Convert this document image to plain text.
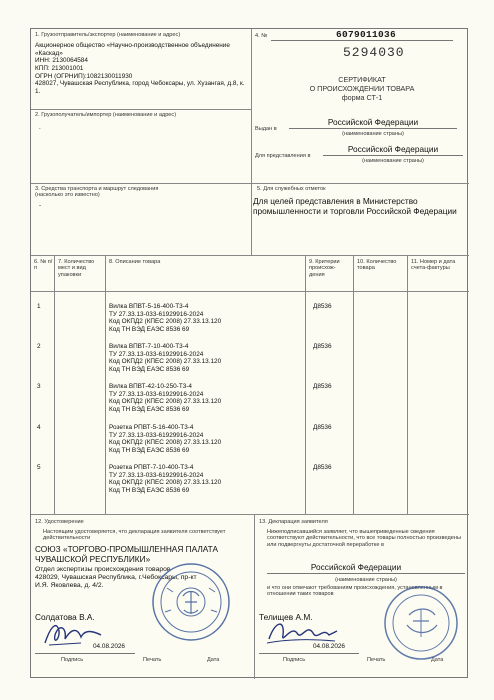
1. Грузоотправитель/экспортер (наименование и адрес)
Акционерное общество «Научно-производственное объединение «Каскад»
ИНН: 2130064584
КПП: 213001001
ОГРН (ОГРНИП):1082130011930
428027, Чувашская Республика, город Чебоксары, ул. Хузангая, д.8, к. 1.
2. Грузополучатель/импортер (наименование и адрес)
.
3. Средства транспорта и маршрут следования
(насколько это известно)
-
4. №	6079011036
5294030
СЕРТИФИКАТ
О ПРОИСХОЖДЕНИИ ТОВАРА
форма СТ-1
Выдан в
Российской Федерации
(наименование страны)
Для представления в
Российской Федерации
(наименование страны)
5. Для служебных отметок
Для целей представления в Министерство промышленности и торговли Российской Федерации
6. № п/п
7. Количество мест и вид упаковки
8. Описание товара	9. Критерии происхож-дения
10. Количество товара
11. Номер и дата счета-фактуры
1	Вилка ВПВТ-5-16-400-Т3-4
ТУ 27.33.13-033-61929916-2024
Код ОКПД2 (КПЕС 2008) 27.33.13.120
Код ТН ВЭД ЕАЭС 8536 69
Д8536
2	Вилка ВПВТ-7-10-400-Т3-4
ТУ 27.33.13-033-61929916-2024
Код ОКПД2 (КПЕС 2008) 27.33.13.120
Код ТН ВЭД ЕАЭС 8536 69
Д8536
3	Вилка ВПВТ-42-10-250-Т3-4
ТУ 27.33.13-033-61929916-2024
Код ОКПД2 (КПЕС 2008) 27.33.13.120
Код ТН ВЭД ЕАЭС 8536 69
Д8536
4	Розетка РПВТ-5-16-400-Т3-4
ТУ 27.33.13-033-61929916-2024
Код ОКПД2 (КПЕС 2008) 27.33.13.120
Код ТН ВЭД ЕАЭС 8536 69
Д8536
5	Розетка РПВТ-7-10-400-Т3-4
ТУ 27.33.13-033-61929916-2024
Код ОКПД2 (КПЕС 2008) 27.33.13.120
Код ТН ВЭД ЕАЭС 8536 69
Д8536
12. Удостоверение
Настоящим удостоверяется, что декларация заявителя соответствует действительности
СОЮЗ «ТОРГОВО-ПРОМЫШЛЕННАЯ ПАЛАТА
ЧУВАШСКОЙ РЕСПУБЛИКИ»
Отдел экспертизы происхождения товаров
428029, Чувашская Республика, г.Чебоксары, пр-кт
И.Я. Яковлева, д. 4/2.
Солдатова В.А.
04.08.2026
Подпись	Печать	Дата
13. Декларация заявителя
Нижеподписавшийся заявляет, что вышеприведенные сведения соответствуют действительности, что все товары полностью произведены или подвергнуты достаточной переработке в
Российской Федерации
(наименование страны)
и что они отвечают требованиям происхождения, установленным в отношении таких товаров
Телищев А.М.
04.08.2026
Подпись	Печать	Дата
